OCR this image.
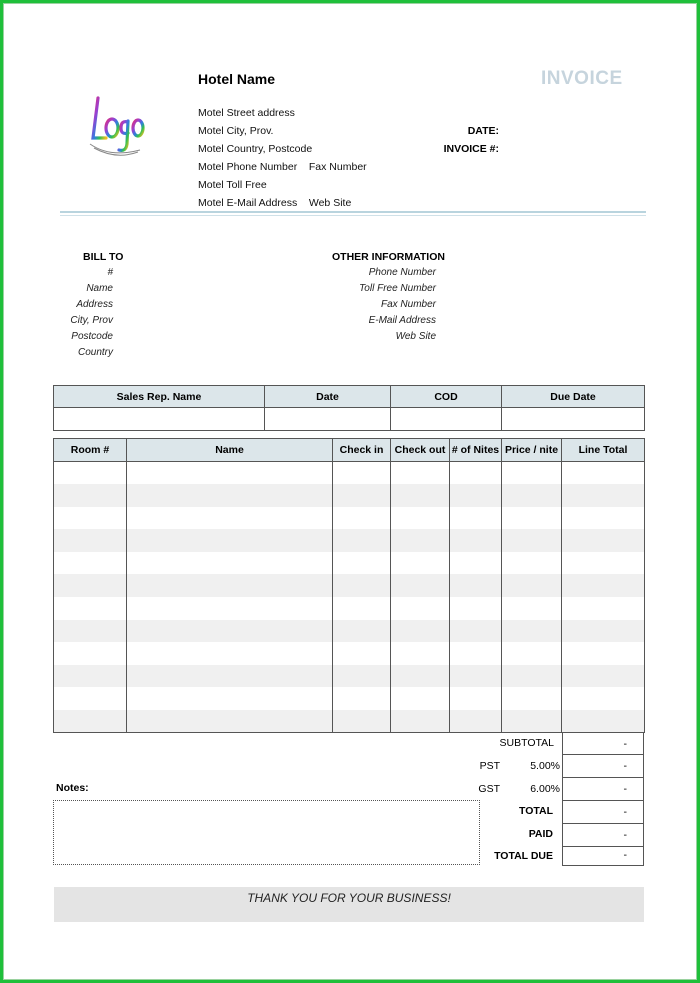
Hotel Name	INVOICE
Motel Street address
Motel City, Prov.
Motel Country, Postcode
Motel Phone Number    Fax Number
Motel Toll Free
Motel E-Mail Address    Web Site
DATE:
INVOICE #:
BILL TO
#
Name
Address
City, Prov
Postcode
Country
OTHER INFORMATION
Phone Number
Toll Free Number
Fax Number
E-Mail Address
Web Site
Sales Rep. Name	Date	COD	Due Date

Room #	Name	Check in	Check out	# of Nites	Price / nite	Line Total

SUBTOTAL	-
PST	5.00%	-
GST	6.00%	-
TOTAL	-
PAID	-
TOTAL DUE	-
Notes:
THANK YOU FOR YOUR BUSINESS!
